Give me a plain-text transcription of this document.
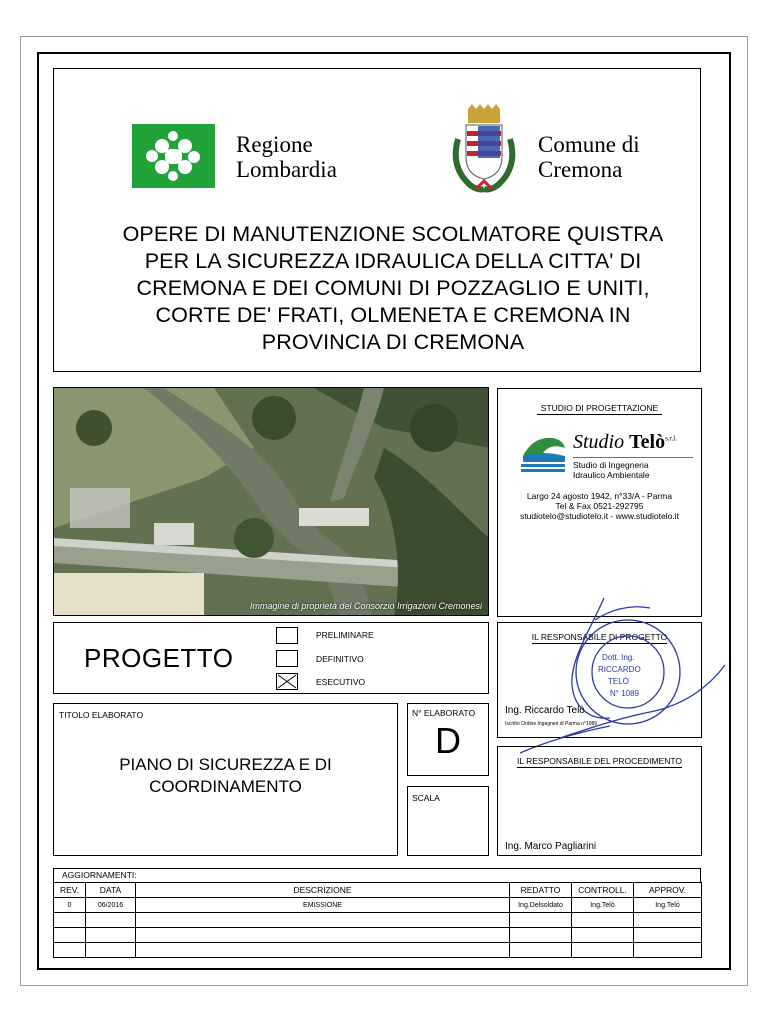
Regione
Lombardia
Comune di
Cremona
OPERE DI MANUTENZIONE SCOLMATORE QUISTRA
PER LA SICUREZZA IDRAULICA DELLA CITTA' DI
CREMONA E DEI COMUNI DI POZZAGLIO E UNITI,
CORTE DE' FRATI, OLMENETA E CREMONA IN
PROVINCIA DI CREMONA
Immagine di proprietà del Consorzio Irrigazioni Cremonesi
STUDIO DI PROGETTAZIONE
Studio Telò$^{s.r.l.}$
Studio di Ingegneria
Idraulico Ambientale
Largo 24 agosto 1942, n°33/A - Parma
Tel & Fax 0521-292795
studiotelo@studiotelo.it - www.studiotelo.it
PROGETTO
PRELIMINARE
DEFINITIVO
ESECUTIVO
TITOLO ELABORATO
PIANO DI SICUREZZA E DI
COORDINAMENTO
N° ELABORATO
D
SCALA
IL RESPONSABILE DI PROGETTO
Ing. Riccardo Telò
Iscritto Ordine Ingegneri di Parma n°1089
Dott. Ing.
RICCARDO
TELÒ
N° 1089
IL RESPONSABILE DEL PROCEDIMENTO
Ing. Marco Pagliarini
AGGIORNAMENTI:
REV.	DATA	DESCRIZIONE	REDATTO	CONTROLL.	APPROV.
0	06/2016	EMISSIONE	Ing.Delsoldato	Ing.Telò	Ing.Telò
